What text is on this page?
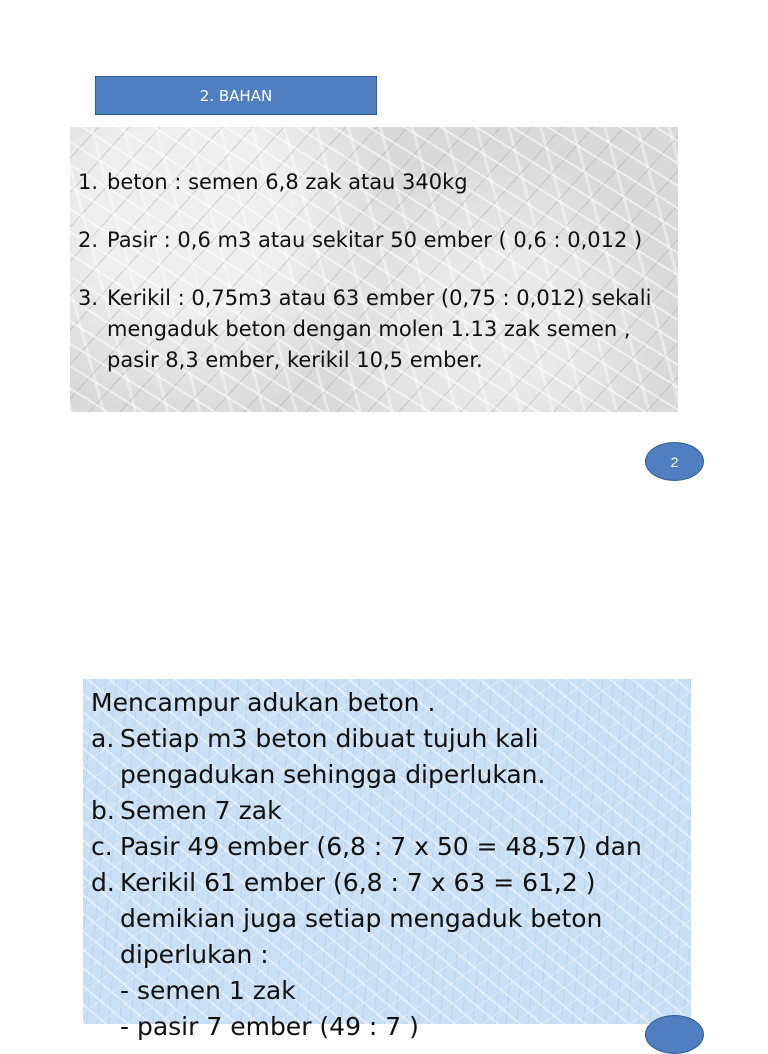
2. BAHAN
1. beton : semen 6,8 zak atau 340kg
2. Pasir : 0,6 m3 atau sekitar 50 ember ( 0,6 : 0,012 )
3. Kerikil : 0,75m3 atau 63 ember (0,75 : 0,012) sekali mengaduk beton dengan molen 1.13 zak semen , pasir 8,3 ember, kerikil 10,5 ember.
2
Mencampur adukan beton .
a. Setiap m3 beton dibuat tujuh kali pengadukan sehingga diperlukan.
b. Semen 7 zak
c. Pasir 49 ember (6,8 : 7 x 50 = 48,57) dan
d. Kerikil 61 ember (6,8 : 7 x 63 = 61,2 )
demikian juga setiap mengaduk beton
diperlukan :
- semen 1 zak
- pasir 7 ember (49 : 7 )
